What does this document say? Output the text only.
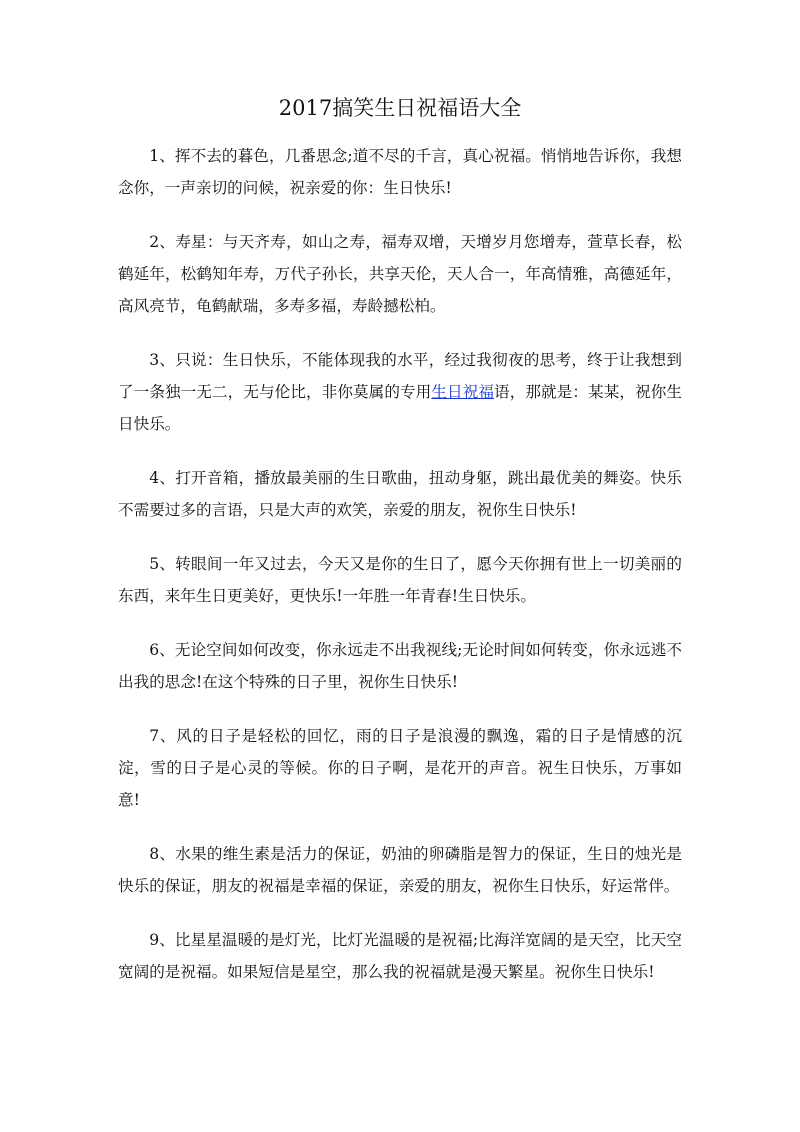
2017搞笑生日祝福语大全

1、挥不去的暮色，几番思念;道不尽的千言，真心祝福。悄悄地告诉你，我想念你，一声亲切的问候，祝亲爱的你：生日快乐!

2、寿星：与天齐寿，如山之寿，福寿双增，天增岁月您增寿，萱草长春，松鹤延年，松鹤知年寿，万代子孙长，共享天伦，天人合一，年高情雅，高德延年，高风亮节，龟鹤献瑞，多寿多福，寿龄撼松柏。

3、只说：生日快乐，不能体现我的水平，经过我彻夜的思考，终于让我想到了一条独一无二，无与伦比，非你莫属的专用生日祝福语，那就是：某某，祝你生日快乐。

4、打开音箱，播放最美丽的生日歌曲，扭动身躯，跳出最优美的舞姿。快乐不需要过多的言语，只是大声的欢笑，亲爱的朋友，祝你生日快乐!

5、转眼间一年又过去，今天又是你的生日了，愿今天你拥有世上一切美丽的东西，来年生日更美好，更快乐!一年胜一年青春!生日快乐。

6、无论空间如何改变，你永远走不出我视线;无论时间如何转变，你永远逃不出我的思念!在这个特殊的日子里，祝你生日快乐!

7、风的日子是轻松的回忆，雨的日子是浪漫的飘逸，霜的日子是情感的沉淀，雪的日子是心灵的等候。你的日子啊，是花开的声音。祝生日快乐，万事如意!

8、水果的维生素是活力的保证，奶油的卵磷脂是智力的保证，生日的烛光是快乐的保证，朋友的祝福是幸福的保证，亲爱的朋友，祝你生日快乐，好运常伴。

9、比星星温暖的是灯光，比灯光温暖的是祝福;比海洋宽阔的是天空，比天空宽阔的是祝福。如果短信是星空，那么我的祝福就是漫天繁星。祝你生日快乐!
